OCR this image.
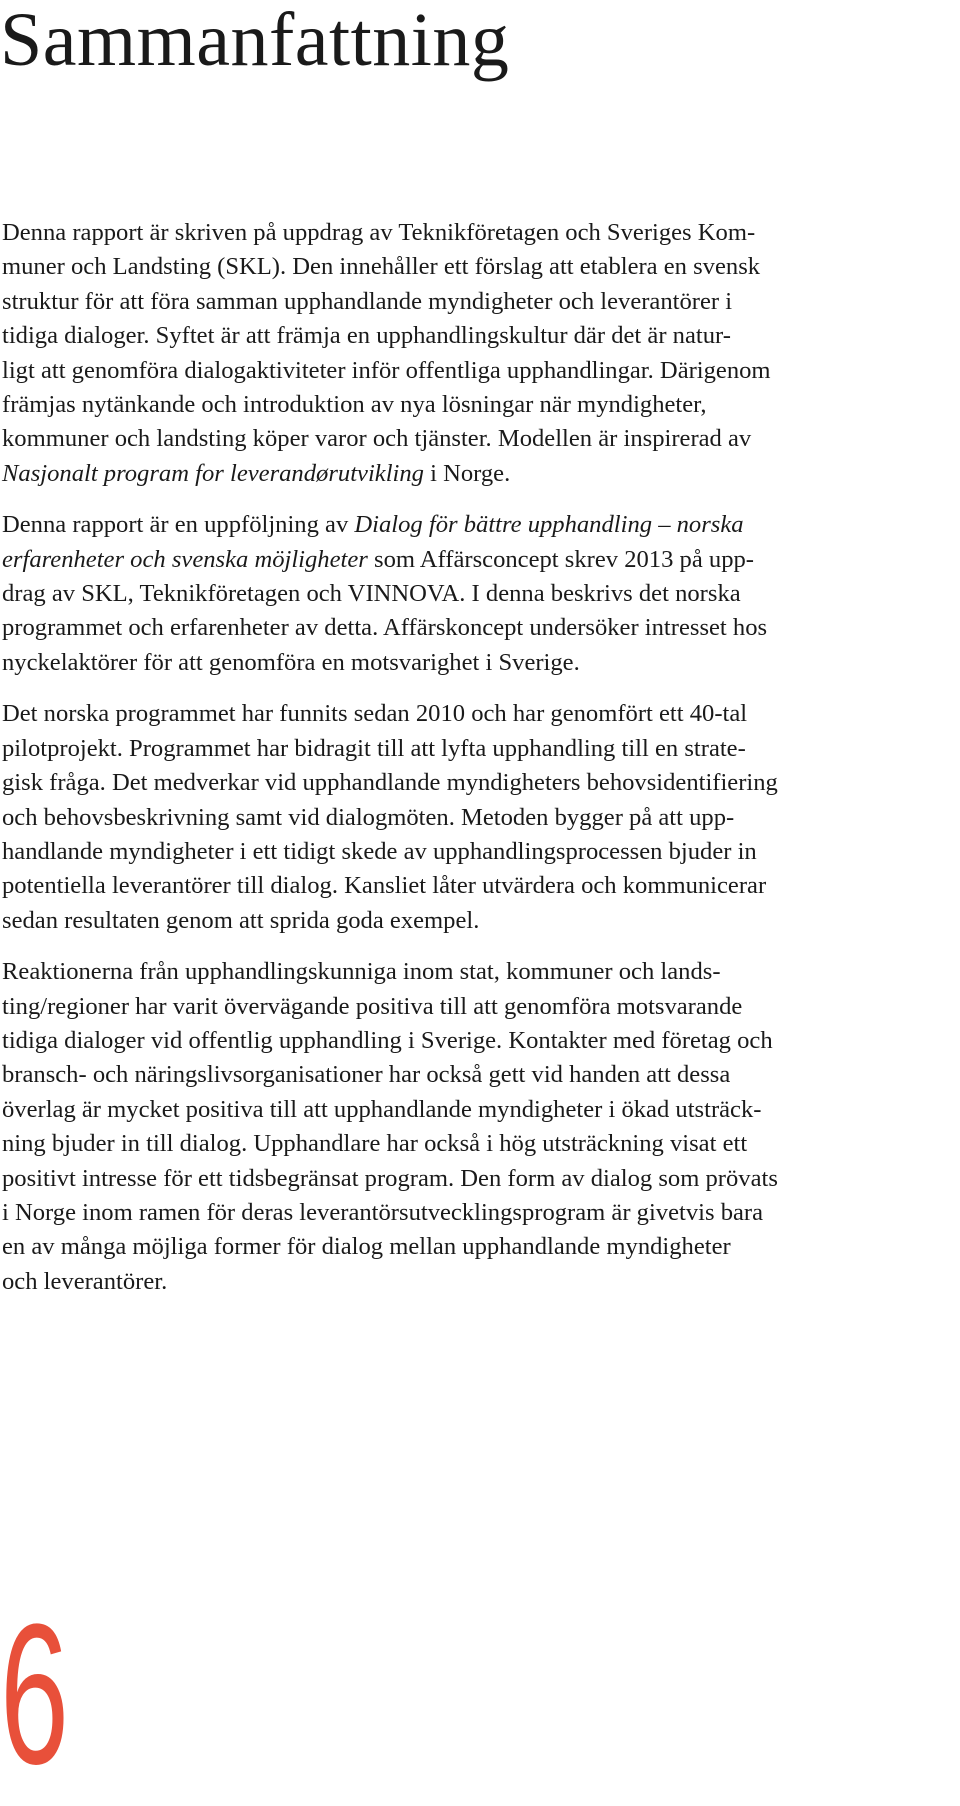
Sammanfattning

Denna rapport är skriven på uppdrag av Teknikföretagen och Sveriges Kom-
muner och Landsting (SKL). Den innehåller ett förslag att etablera en svensk
struktur för att föra samman upphandlande myndigheter och leverantörer i
tidiga dialoger. Syftet är att främja en upphandlingskultur där det är natur-
ligt att genomföra dialogaktiviteter inför offentliga upphandlingar. Därigenom
främjas nytänkande och introduktion av nya lösningar när myndigheter,
kommuner och landsting köper varor och tjänster. Modellen är inspirerad av
Nasjonalt program for leverandørutvikling i Norge.

Denna rapport är en uppföljning av Dialog för bättre upphandling – norska
erfarenheter och svenska möjligheter som Affärsconcept skrev 2013 på upp-
drag av SKL, Teknikföretagen och VINNOVA. I denna beskrivs det norska
programmet och erfarenheter av detta. Affärskoncept undersöker intresset hos
nyckelaktörer för att genomföra en motsvarighet i Sverige.

Det norska programmet har funnits sedan 2010 och har genomfört ett 40-tal
pilotprojekt. Programmet har bidragit till att lyfta upphandling till en strate-
gisk fråga. Det medverkar vid upphandlande myndigheters behovsidentifiering
och behovsbeskrivning samt vid dialogmöten. Metoden bygger på att upp-
handlande myndigheter i ett tidigt skede av upphandlingsprocessen bjuder in
potentiella leverantörer till dialog. Kansliet låter utvärdera och kommunicerar
sedan resultaten genom att sprida goda exempel.

Reaktionerna från upphandlingskunniga inom stat, kommuner och lands-
ting/regioner har varit övervägande positiva till att genomföra motsvarande
tidiga dialoger vid offentlig upphandling i Sverige. Kontakter med företag och
bransch- och näringslivsorganisationer har också gett vid handen att dessa
överlag är mycket positiva till att upphandlande myndigheter i ökad utsträck-
ning bjuder in till dialog. Upphandlare har också i hög utsträckning visat ett
positivt intresse för ett tidsbegränsat program. Den form av dialog som prövats
i Norge inom ramen för deras leverantörsutvecklingsprogram är givetvis bara
en av många möjliga former för dialog mellan upphandlande myndigheter
och leverantörer.

6
